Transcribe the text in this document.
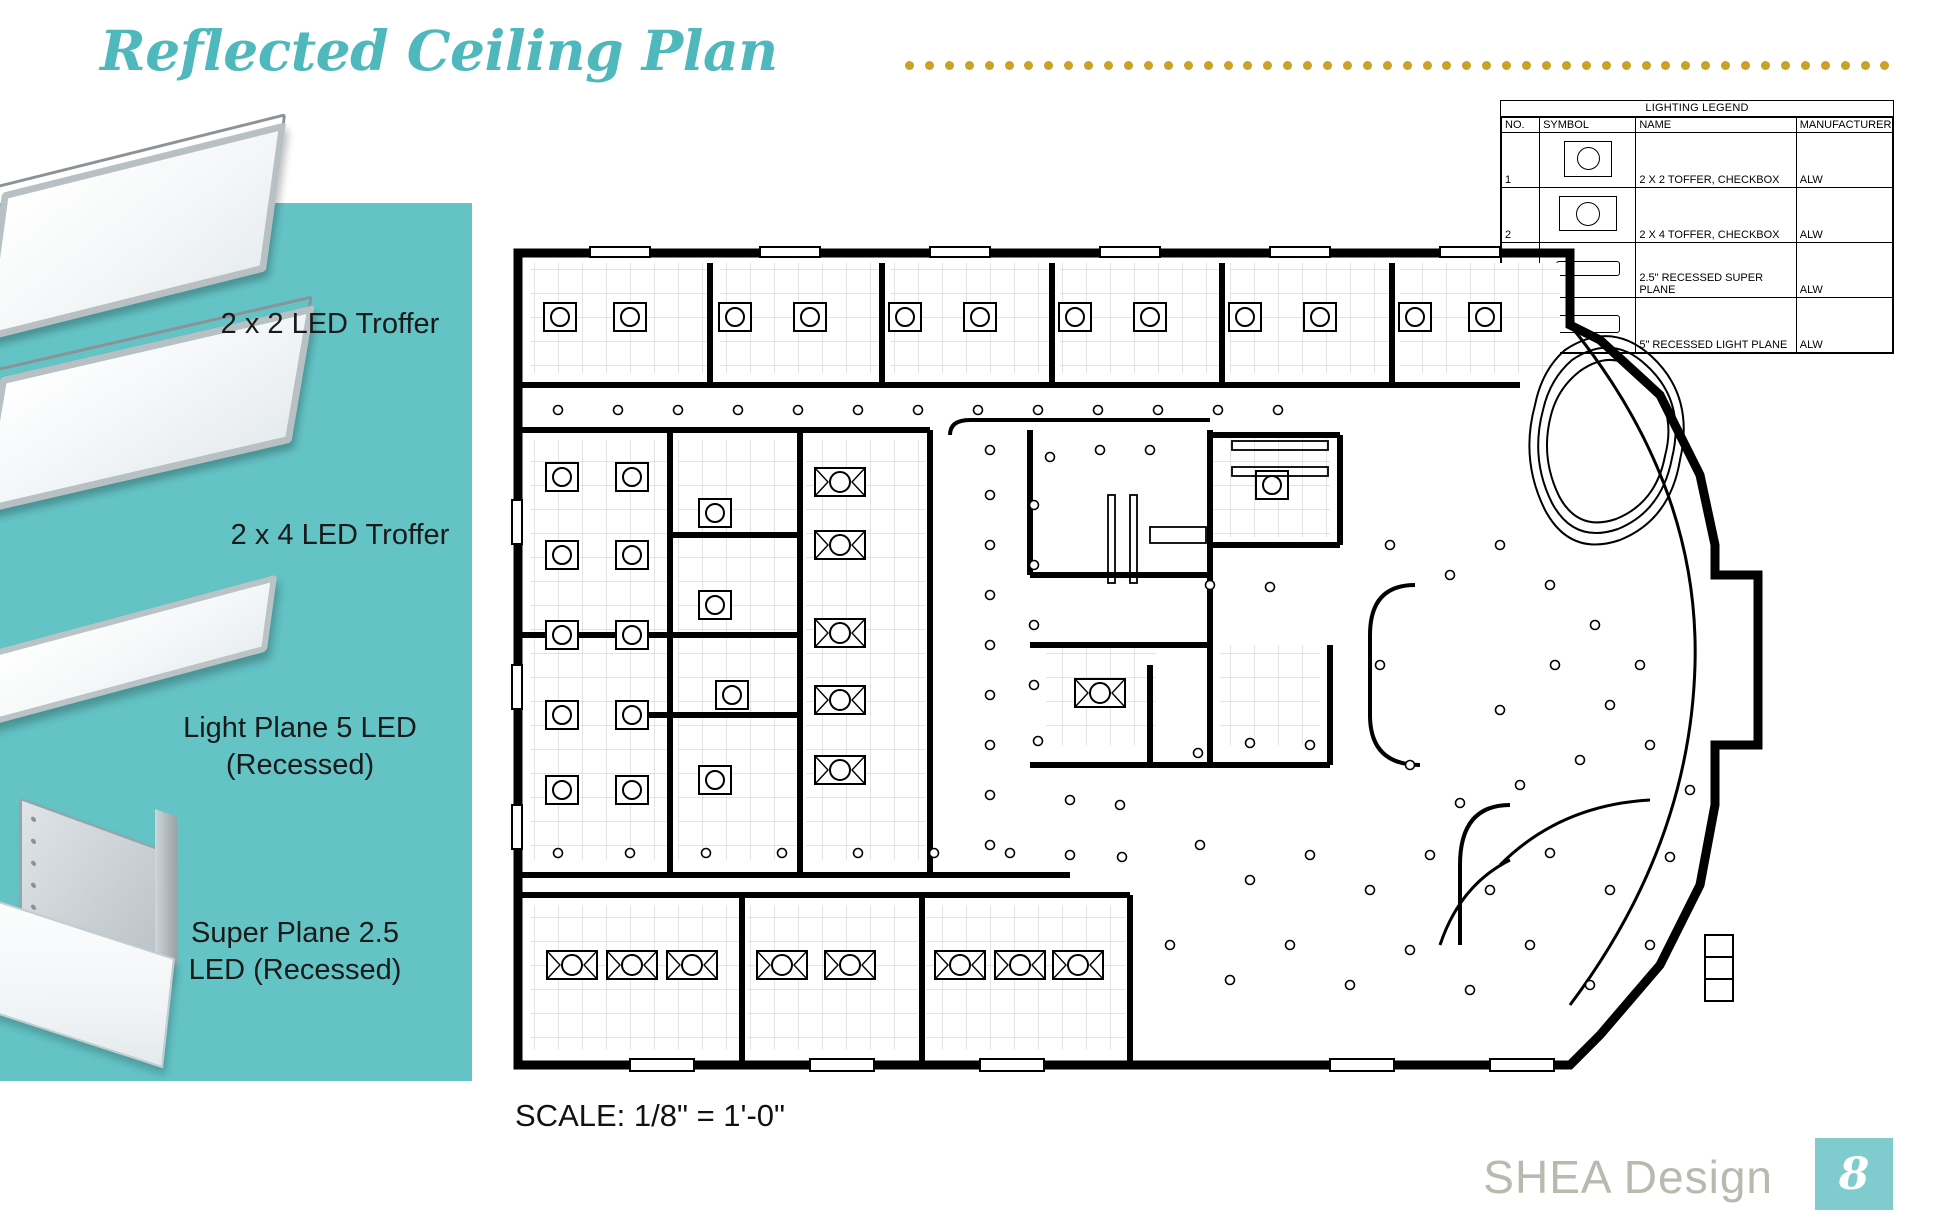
Reflected Ceiling Plan
2 x 2 LED Troffer
2 x 4 LED Troffer
Light Plane 5 LED (Recessed)
Super Plane 2.5 LED (Recessed)
LIGHTING LEGEND
NO.	SYMBOL	NAME	MANUFACTURER
1		2 X 2 TOFFER, CHECKBOX	ALW
2		2 X 4 TOFFER, CHECKBOX	ALW
		2.5" RECESSED SUPER PLANE	ALW
		5" RECESSED LIGHT PLANE	ALW
SCALE: 1/8" = 1'-0"
SHEA Design	8
